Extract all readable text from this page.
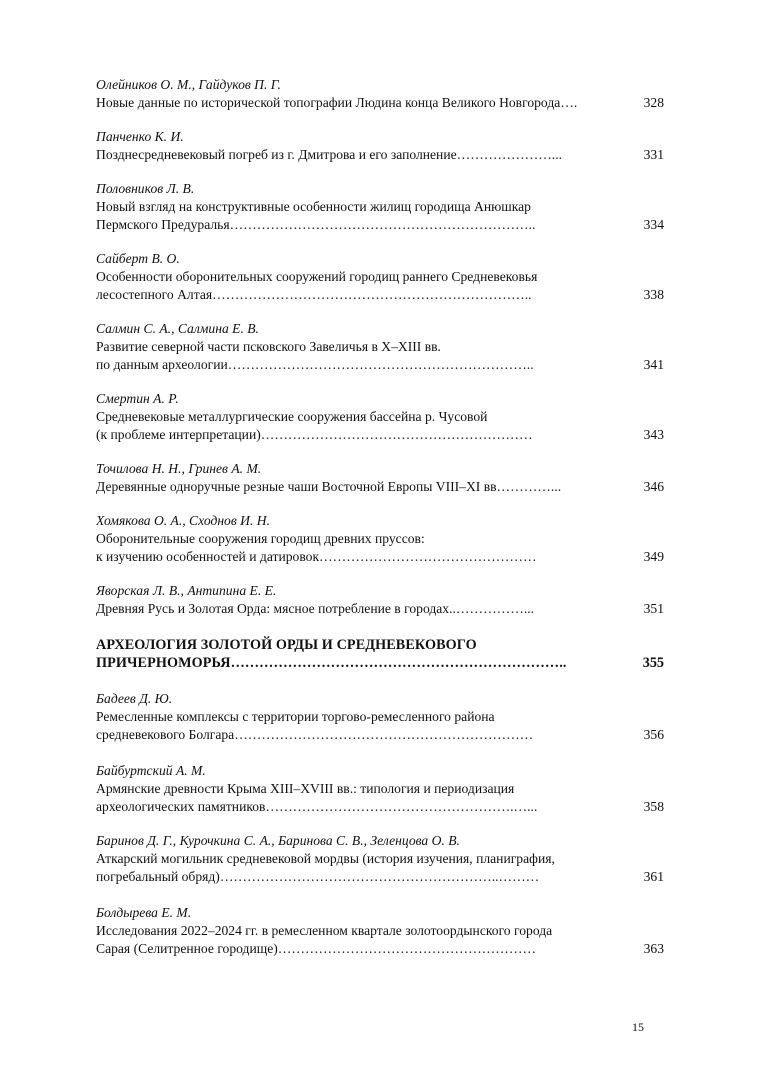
Олейников О. М., Гайдуков П. Г.
Новые данные по исторической топографии Людина конца Великого Новгорода….	328
Панченко К. И.
Позднесредневековый погреб из г. Дмитрова и его заполнение…………………...	331
Половников Л. В.
Новый взгляд на конструктивные особенности жилищ городища Анюшкар
Пермского Предуралья…………………………………………………………..	334
Сайберт В. О.
Особенности оборонительных сооружений городищ раннего Средневековья
лесостепного Алтая……………………………………………………………..	338
Салмин С. А., Салмина Е. В.
Развитие северной части псковского Завеличья в X–XIII вв.
по данным археологии…………………………………………………………..	341
Смертин А. Р.
Средневековые металлургические сооружения бассейна р. Чусовой
(к проблеме интерпретации)……………………………………………………	343
Точилова Н. Н., Гринев А. М.
Деревянные одноручные резные чаши Восточной Европы VIII–XI вв…………...	346
Хомякова О. А., Сходнов И. Н.
Оборонительные сооружения городищ древних пруссов:
к изучению особенностей и датировок…………………………………………	349
Яворская Л. В., Антипина Е. Е.
Древняя Русь и Золотая Орда: мясное потребление в городах..……………...	351
АРХЕОЛОГИЯ ЗОЛОТОЙ ОРДЫ И СРЕДНЕВЕКОВОГО
ПРИЧЕРНОМОРЬЯ……………………………………………………………..	355
Бадеев Д. Ю.
Ремесленные комплексы с территории торгово-ремесленного района
средневекового Болгара…………………………………………………………	356
Байбуртский А. М.
Армянские древности Крыма XIII–XVIII вв.: типология и периодизация
археологических памятников……………………………………………….…...	358
Баринов Д. Г., Курочкина С. А., Баринова С. В., Зеленцова О. В.
Аткарский могильник средневековой мордвы (история изучения, планиграфия,
погребальный обряд)……………………………………………………..………	361
Болдырева Е. М.
Исследования 2022–2024 гг. в ремесленном квартале золотоордынского города
Сарая (Селитренное городище)…………………………………………………	363
15
